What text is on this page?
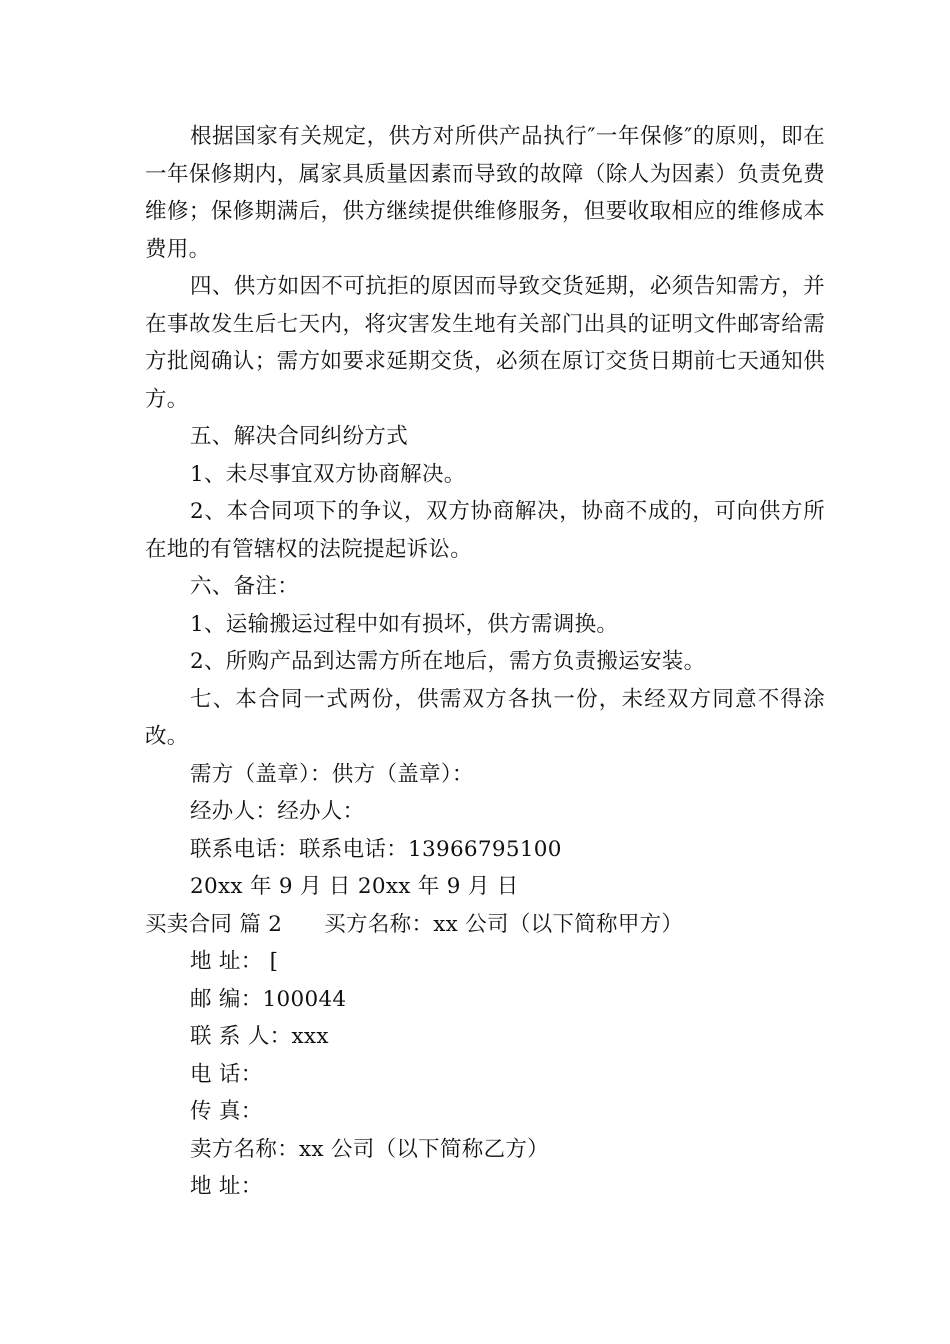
根据国家有关规定，供方对所供产品执行″一年保修″的原则，即在一年保修期内，属家具质量因素而导致的故障（除人为因素）负责免费维修；保修期满后，供方继续提供维修服务，但要收取相应的维修成本费用。

四、供方如因不可抗拒的原因而导致交货延期，必须告知需方，并在事故发生后七天内，将灾害发生地有关部门出具的证明文件邮寄给需方批阅确认；需方如要求延期交货，必须在原订交货日期前七天通知供方。

五、解决合同纠纷方式

1、未尽事宜双方协商解决。

2、本合同项下的争议，双方协商解决，协商不成的，可向供方所在地的有管辖权的法院提起诉讼。

六、备注：

1、运输搬运过程中如有损坏，供方需调换。

2、所购产品到达需方所在地后，需方负责搬运安装。

七、本合同一式两份，供需双方各执一份，未经双方同意不得涂改。

需方（盖章）：供方（盖章）：

经办人：经办人：

联系电话：联系电话：13966795100

20xx 年 9 月 日 20xx 年 9 月 日

买卖合同 篇 2 买方名称：xx 公司（以下简称甲方）

地 址： [

邮 编：100044

联 系 人：xxx

电 话：

传 真：

卖方名称：xx 公司（以下简称乙方）

地 址：
